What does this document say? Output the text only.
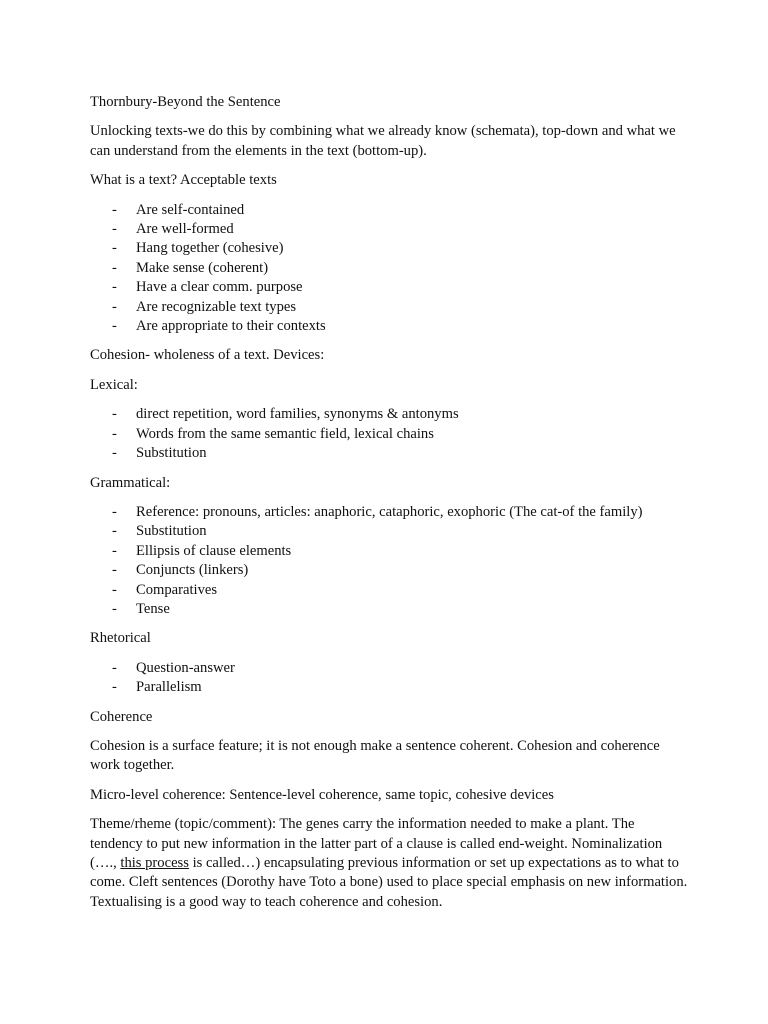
Thornbury-Beyond the Sentence

Unlocking texts-we do this by combining what we already know (schemata), top-down and what we can understand from the elements in the text (bottom-up).

What is a text? Acceptable texts

- Are self-contained
- Are well-formed
- Hang together (cohesive)
- Make sense (coherent)
- Have a clear comm. purpose
- Are recognizable text types
- Are appropriate to their contexts

Cohesion- wholeness of a text. Devices:

Lexical:

- direct repetition, word families, synonyms & antonyms
- Words from the same semantic field, lexical chains
- Substitution

Grammatical:

- Reference: pronouns, articles: anaphoric, cataphoric, exophoric (The cat-of the family)
- Substitution
- Ellipsis of clause elements
- Conjuncts (linkers)
- Comparatives
- Tense

Rhetorical

- Question-answer
- Parallelism

Coherence

Cohesion is a surface feature; it is not enough make a sentence coherent. Cohesion and coherence work together.

Micro-level coherence: Sentence-level coherence, same topic, cohesive devices

Theme/rheme (topic/comment): The genes carry the information needed to make a plant. The tendency to put new information in the latter part of a clause is called end-weight. Nominalization (…., this process is called…) encapsulating previous information or set up expectations as to what to come. Cleft sentences (Dorothy have Toto a bone) used to place special emphasis on new information. Textualising is a good way to teach coherence and cohesion.
